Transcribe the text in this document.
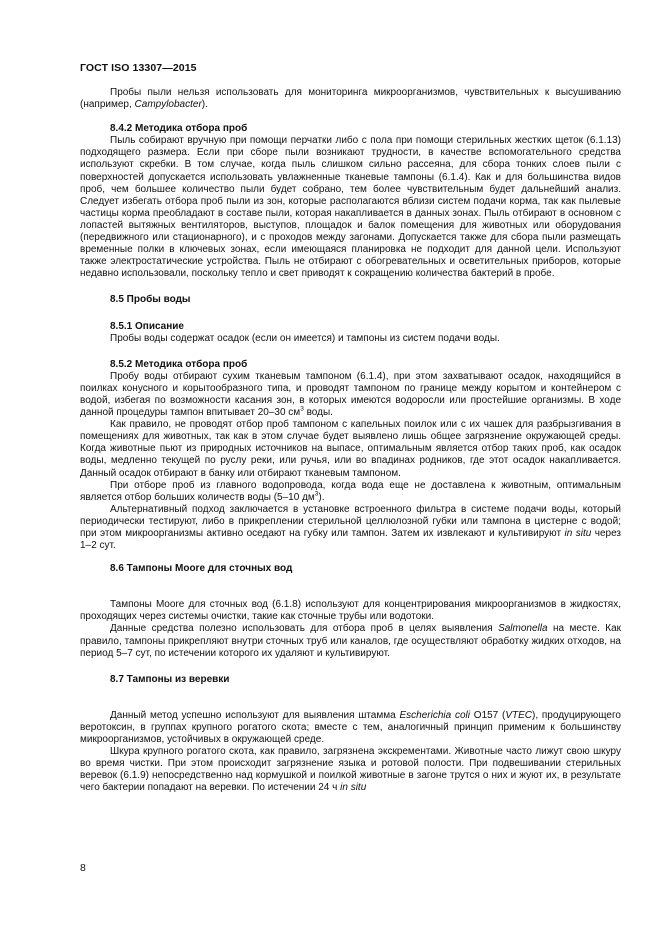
ГОСТ ISO 13307—2015

Пробы пыли нельзя использовать для мониторинга микроорганизмов, чувствительных к высушиванию (например, Campylobacter).

8.4.2 Методика отбора проб

Пыль собирают вручную при помощи перчатки либо с пола при помощи стерильных жестких щеток (6.1.13) подходящего размера. Если при сборе пыли возникают трудности, в качестве вспомогательного средства используют скребки. В том случае, когда пыль слишком сильно рассеяна, для сбора тонких слоев пыли с поверхностей допускается использовать увлажненные тканевые тампоны (6.1.4). Как и для большинства видов проб, чем большее количество пыли будет собрано, тем более чувствительным будет дальнейший анализ. Следует избегать отбора проб пыли из зон, которые располагаются вблизи систем подачи корма, так как пылевые частицы корма преобладают в составе пыли, которая накапливается в данных зонах. Пыль отбирают в основном с лопастей вытяжных вентиляторов, выступов, площадок и балок помещения для животных или оборудования (передвижного или стационарного), и с проходов между загонами. Допускается также для сбора пыли размещать временные полки в ключевых зонах, если имеющаяся планировка не подходит для данной цели. Используют также электростатические устройства. Пыль не отбирают с обогревательных и осветительных приборов, которые недавно использовали, поскольку тепло и свет приводят к сокращению количества бактерий в пробе.

8.5 Пробы воды

8.5.1 Описание

Пробы воды содержат осадок (если он имеется) и тампоны из систем подачи воды.

8.5.2 Методика отбора проб

Пробу воды отбирают сухим тканевым тампоном (6.1.4), при этом захватывают осадок, находящийся в поилках конусного и корытообразного типа, и проводят тампоном по границе между корытом и контейнером с водой, избегая по возможности касания зон, в которых имеются водоросли или простейшие организмы. В ходе данной процедуры тампон впитывает 20–30 $см^3$ воды.

Как правило, не проводят отбор проб тампоном с капельных поилок или с их чашек для разбрызгивания в помещениях для животных, так как в этом случае будет выявлено лишь общее загрязнение окружающей среды. Когда животные пьют из природных источников на выпасе, оптимальным является отбор таких проб, как осадок воды, медленно текущей по руслу реки, или ручья, или во впадинах родников, где этот осадок накапливается. Данный осадок отбирают в банку или отбирают тканевым тампоном.

При отборе проб из главного водопровода, когда вода еще не доставлена к животным, оптимальным является отбор больших количеств воды (5–10 $дм^3$).

Альтернативный подход заключается в установке встроенного фильтра в системе подачи воды, который периодически тестируют, либо в прикреплении стерильной целлюлозной губки или тампона в цистерне с водой; при этом микроорганизмы активно оседают на губку или тампон. Затем их извлекают и культивируют in situ через 1–2 сут.

8.6 Тампоны Moore для сточных вод

Тампоны Moore для сточных вод (6.1.8) используют для концентрирования микроорганизмов в жидкостях, проходящих через системы очистки, такие как сточные трубы или водотоки.

Данные средства полезно использовать для отбора проб в целях выявления Salmonella на месте. Как правило, тампоны прикрепляют внутри сточных труб или каналов, где осуществляют обработку жидких отходов, на период 5–7 сут, по истечении которого их удаляют и культивируют.

8.7 Тампоны из веревки

Данный метод успешно используют для выявления штамма Escherichia coli O157 (VTEC), продуцирующего веротоксин, в группах крупного рогатого скота; вместе с тем, аналогичный принцип применим к большинству микроорганизмов, устойчивых в окружающей среде.

Шкура крупного рогатого скота, как правило, загрязнена экскрементами. Животные часто лижут свою шкуру во время чистки. При этом происходит загрязнение языка и ротовой полости. При подвешивании стерильных веревок (6.1.9) непосредственно над кормушкой и поилкой животные в загоне трутся о них и жуют их, в результате чего бактерии попадают на веревки. По истечении 24 ч in situ

8
